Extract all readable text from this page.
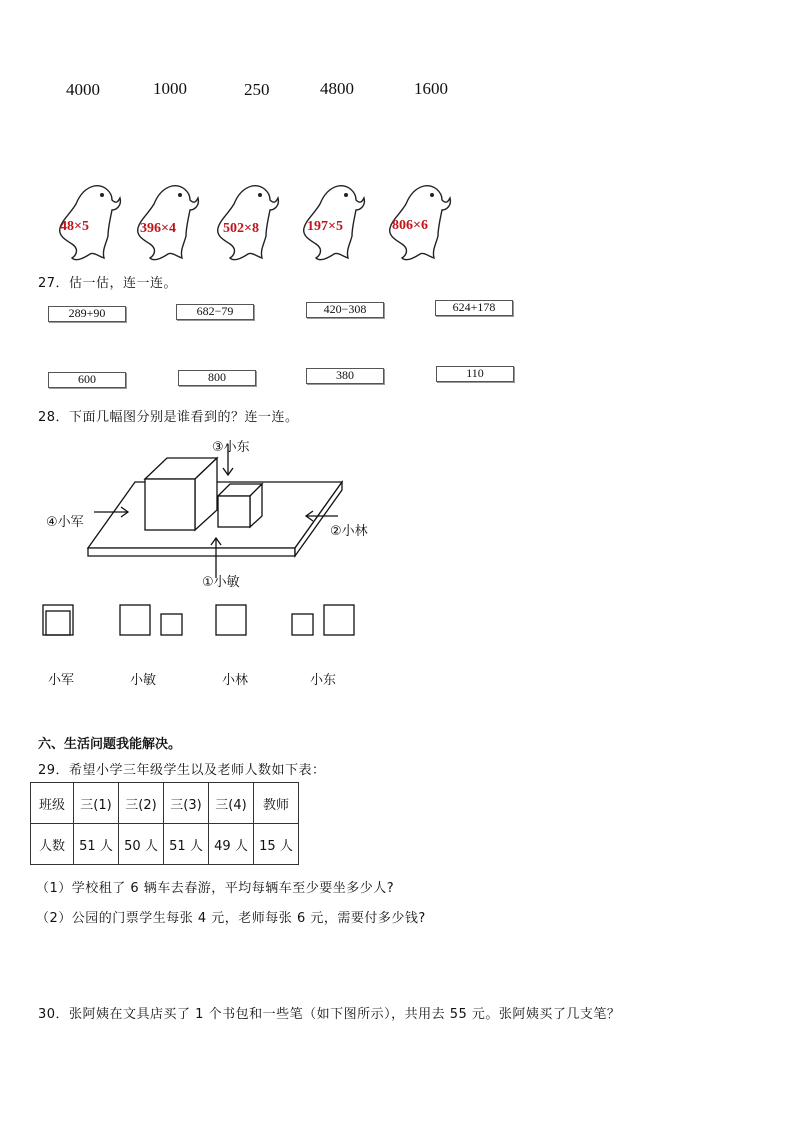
4000	1000	250	4800	1600
48×5	396×4	502×8	197×5	806×6
27．估一估，连一连。
289+90	682−79	420−308	624+178
600	800	380	110
28．下面几幅图分别是谁看到的？连一连。
③小东
④小军
②小林
①小敏
小军	小敏	小林	小东
六、生活问题我能解决。
29．希望小学三年级学生以及老师人数如下表：
班级	三(1)	三(2)	三(3)	三(4)	教师
人数	51 人	50 人	51 人	49 人	15 人
（1）学校租了 6 辆车去春游，平均每辆车至少要坐多少人?
（2）公园的门票学生每张 4 元，老师每张 6 元，需要付多少钱?
30．张阿姨在文具店买了 1 个书包和一些笔（如下图所示），共用去 55 元。张阿姨买了几支笔？
